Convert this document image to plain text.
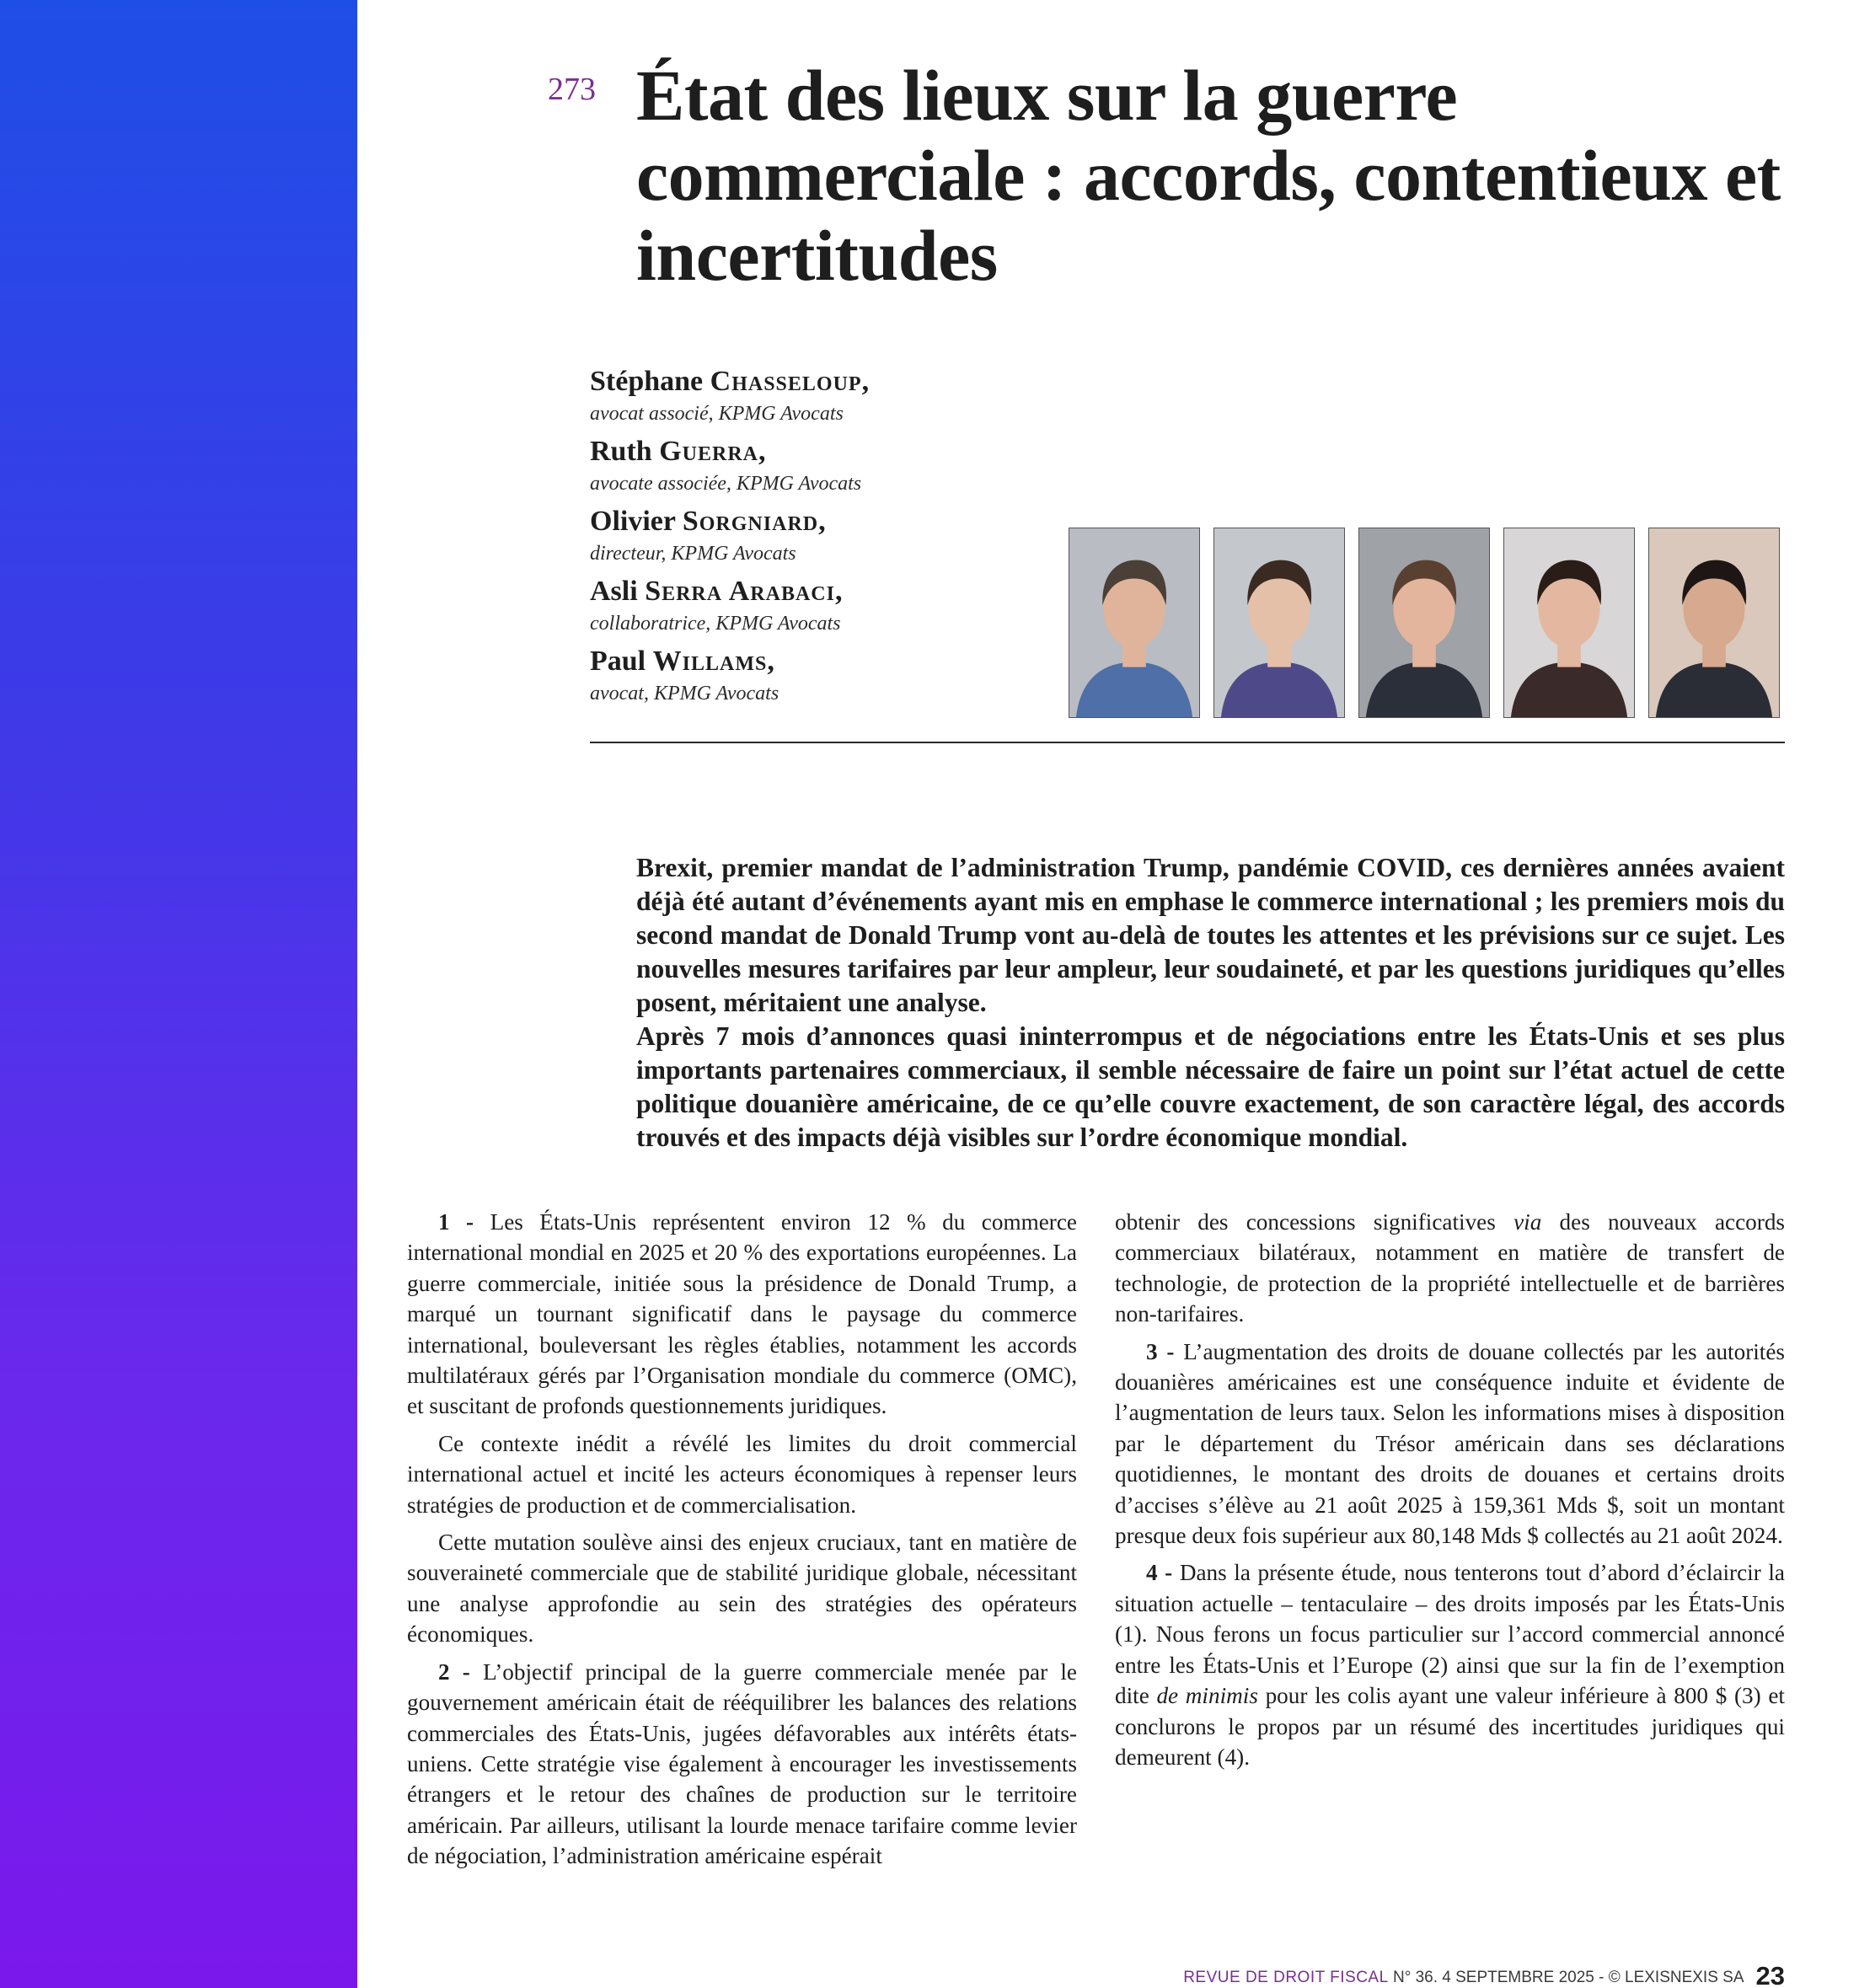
273 État des lieux sur la guerre commerciale : accords, contentieux et incertitudes
Stéphane Chasseloup,
avocat associé, KPMG Avocats
Ruth Guerra,
avocate associée, KPMG Avocats
Olivier Sorgniard,
directeur, KPMG Avocats
Asli Serra Arabaci,
collaboratrice, KPMG Avocats
Paul Willams,
avocat, KPMG Avocats

Brexit, premier mandat de l’administration Trump, pandémie COVID, ces dernières années avaient déjà été autant d’événements ayant mis en emphase le commerce international ; les premiers mois du second mandat de Donald Trump vont au-delà de toutes les attentes et les prévisions sur ce sujet. Les nouvelles mesures tarifaires par leur ampleur, leur soudaineté, et par les questions juridiques qu’elles posent, méritaient une analyse.

Après 7 mois d’annonces quasi ininterrompus et de négociations entre les États-Unis et ses plus importants partenaires commerciaux, il semble nécessaire de faire un point sur l’état actuel de cette politique douanière américaine, de ce qu’elle couvre exactement, de son caractère légal, des accords trouvés et des impacts déjà visibles sur l’ordre économique mondial.

1 - Les États-Unis représentent environ 12 % du commerce international mondial en 2025 et 20 % des exportations européennes. La guerre commerciale, initiée sous la présidence de Donald Trump, a marqué un tournant significatif dans le paysage du commerce international, bouleversant les règles établies, notamment les accords multilatéraux gérés par l’Organisation mondiale du commerce (OMC), et suscitant de profonds questionnements juridiques.

Ce contexte inédit a révélé les limites du droit commercial international actuel et incité les acteurs économiques à repenser leurs stratégies de production et de commercialisation.

Cette mutation soulève ainsi des enjeux cruciaux, tant en matière de souveraineté commerciale que de stabilité juridique globale, nécessitant une analyse approfondie au sein des stratégies des opérateurs économiques.

2 - L’objectif principal de la guerre commerciale menée par le gouvernement américain était de rééquilibrer les balances des relations commerciales des États-Unis, jugées défavorables aux intérêts états-uniens. Cette stratégie vise également à encourager les investissements étrangers et le retour des chaînes de production sur le territoire américain. Par ailleurs, utilisant la lourde menace tarifaire comme levier de négociation, l’administration américaine espérait

obtenir des concessions significatives via des nouveaux accords commerciaux bilatéraux, notamment en matière de transfert de technologie, de protection de la propriété intellectuelle et de barrières non-tarifaires.

3 - L’augmentation des droits de douane collectés par les autorités douanières américaines est une conséquence induite et évidente de l’augmentation de leurs taux. Selon les informations mises à disposition par le département du Trésor américain dans ses déclarations quotidiennes, le montant des droits de douanes et certains droits d’accises s’élève au 21 août 2025 à 159,361 Mds $, soit un montant presque deux fois supérieur aux 80,148 Mds $ collectés au 21 août 2024.

4 - Dans la présente étude, nous tenterons tout d’abord d’éclaircir la situation actuelle – tentaculaire – des droits imposés par les États-Unis (1). Nous ferons un focus particulier sur l’accord commercial annoncé entre les États-Unis et l’Europe (2) ainsi que sur la fin de l’exemption dite de minimis pour les colis ayant une valeur inférieure à 800 $ (3) et conclurons le propos par un résumé des incertitudes juridiques qui demeurent (4).

REVUE DE DROIT FISCAL N° 36. 4 SEPTEMBRE 2025 - © LEXISNEXIS SA 23
